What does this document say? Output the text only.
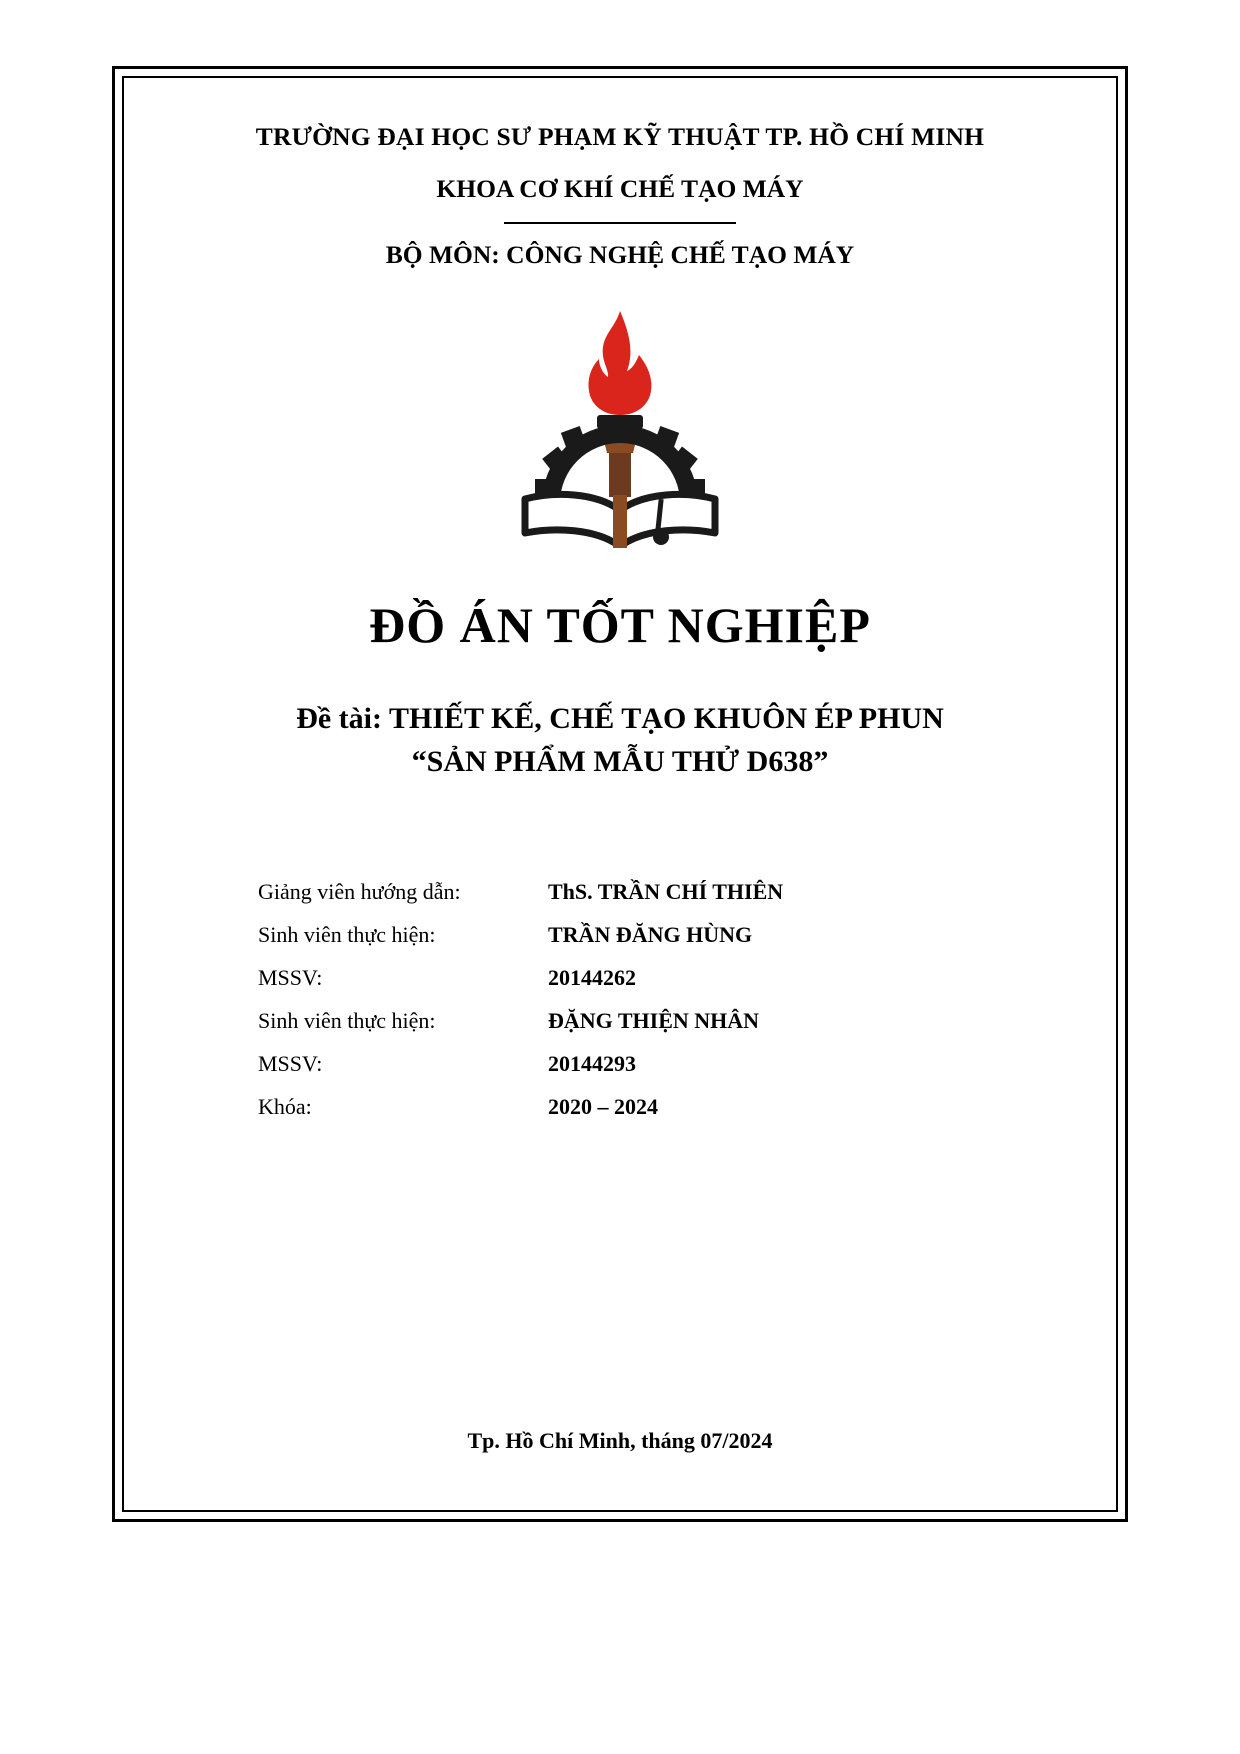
TRƯỜNG ĐẠI HỌC SƯ PHẠM KỸ THUẬT TP. HỒ CHÍ MINH
KHOA CƠ KHÍ CHẾ TẠO MÁY
BỘ MÔN: CÔNG NGHỆ CHẾ TẠO MÁY
ĐỒ ÁN TỐT NGHIỆP
Đề tài: THIẾT KẾ, CHẾ TẠO KHUÔN ÉP PHUN
“SẢN PHẨM MẪU THỬ D638”
Giảng viên hướng dẫn:	ThS. TRẦN CHÍ THIÊN
Sinh viên thực hiện:	TRẦN ĐĂNG HÙNG
MSSV:	20144262
Sinh viên thực hiện:	ĐẶNG THIỆN NHÂN
MSSV:	20144293
Khóa:	2020 – 2024
Tp. Hồ Chí Minh, tháng 07/2024
